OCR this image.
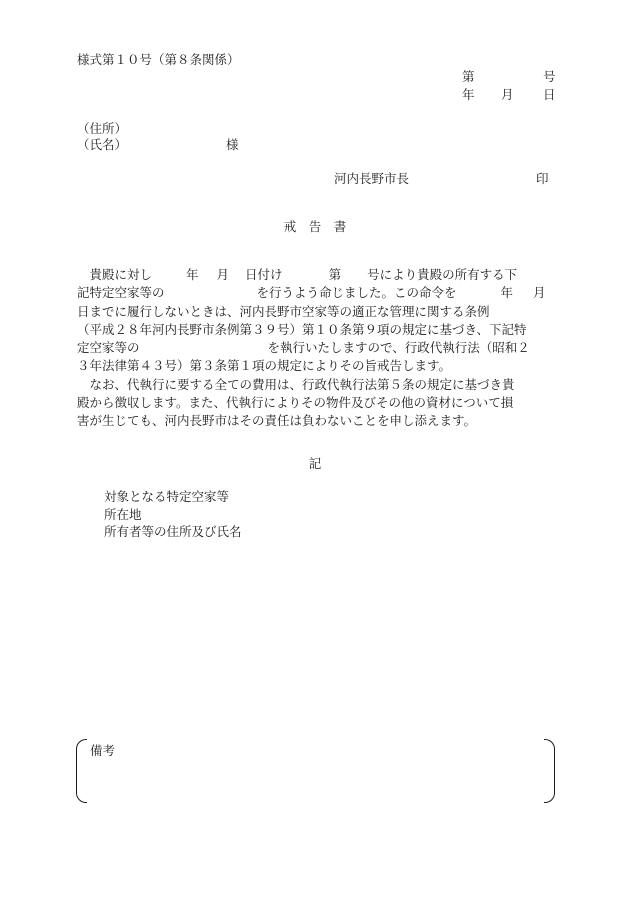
様式第１０号（第８条関係）
第	号
年 月 日
（住所）
（氏名）	様
河内長野市長	印
戒　告　書

　貴殿に対し	年 月 日付け	第 号により貴殿の所有する下

記特定空家等の	を行うよう命じました。この命令を	年 月

日までに履行しないときは、河内長野市空家等の適正な管理に関する条例

（平成２８年河内長野市条例第３９号）第１０条第９項の規定に基づき、下記特

定空家等の	を執行いたしますので、行政代執行法（昭和２

３年法律第４３号）第３条第１項の規定によりその旨戒告します。

　なお、代執行に要する全ての費用は、行政代執行法第５条の規定に基づき貴

殿から徴収します。また、代執行によりその物件及びその他の資材について損

害が生じても、河内長野市はその責任は負わないことを申し添えます。

記
対象となる特定空家等
所在地
所有者等の住所及び氏名
備考
